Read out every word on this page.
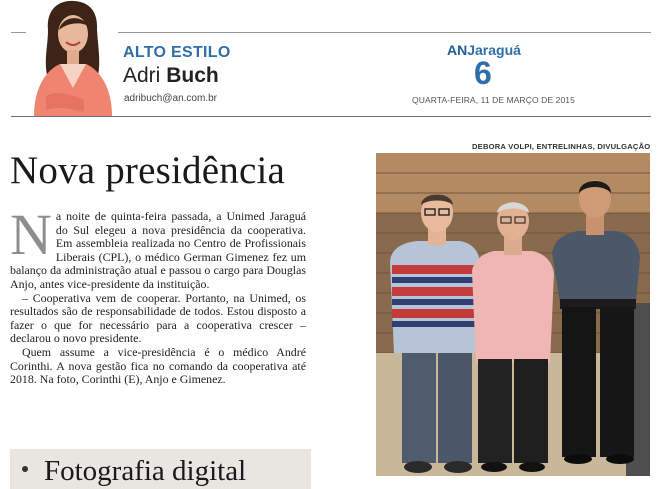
ALTO ESTILO
Adri Buch
adribuch@an.com.br
ANJaraguá
6
QUARTA-FEIRA, 11 DE MARÇO DE 2015
Nova presidência
N a noite de quinta-feira passada, a Unimed Jaraguá do Sul elegeu a nova presidência da cooperativa. Em assembleia realizada no Centro de Profissionais Liberais (CPL), o médico German Gimenez fez um balanço da administração atual e passou o cargo para Douglas Anjo, antes vice-presidente da instituição.

– Cooperativa vem de cooperar. Portanto, na Unimed, os resultados são de responsabilidade de todos. Estou disposto a fazer o que for necessário para a cooperativa crescer – declarou o novo presidente.

Quem assume a vice-presidência é o médico André Corinthi. A nova gestão fica no comando da cooperativa até 2018. Na foto, Corinthi (E), Anjo e Gimenez.

Fotografia digital
DEBORA VOLPI, ENTRELINHAS, DIVULGAÇÃO
